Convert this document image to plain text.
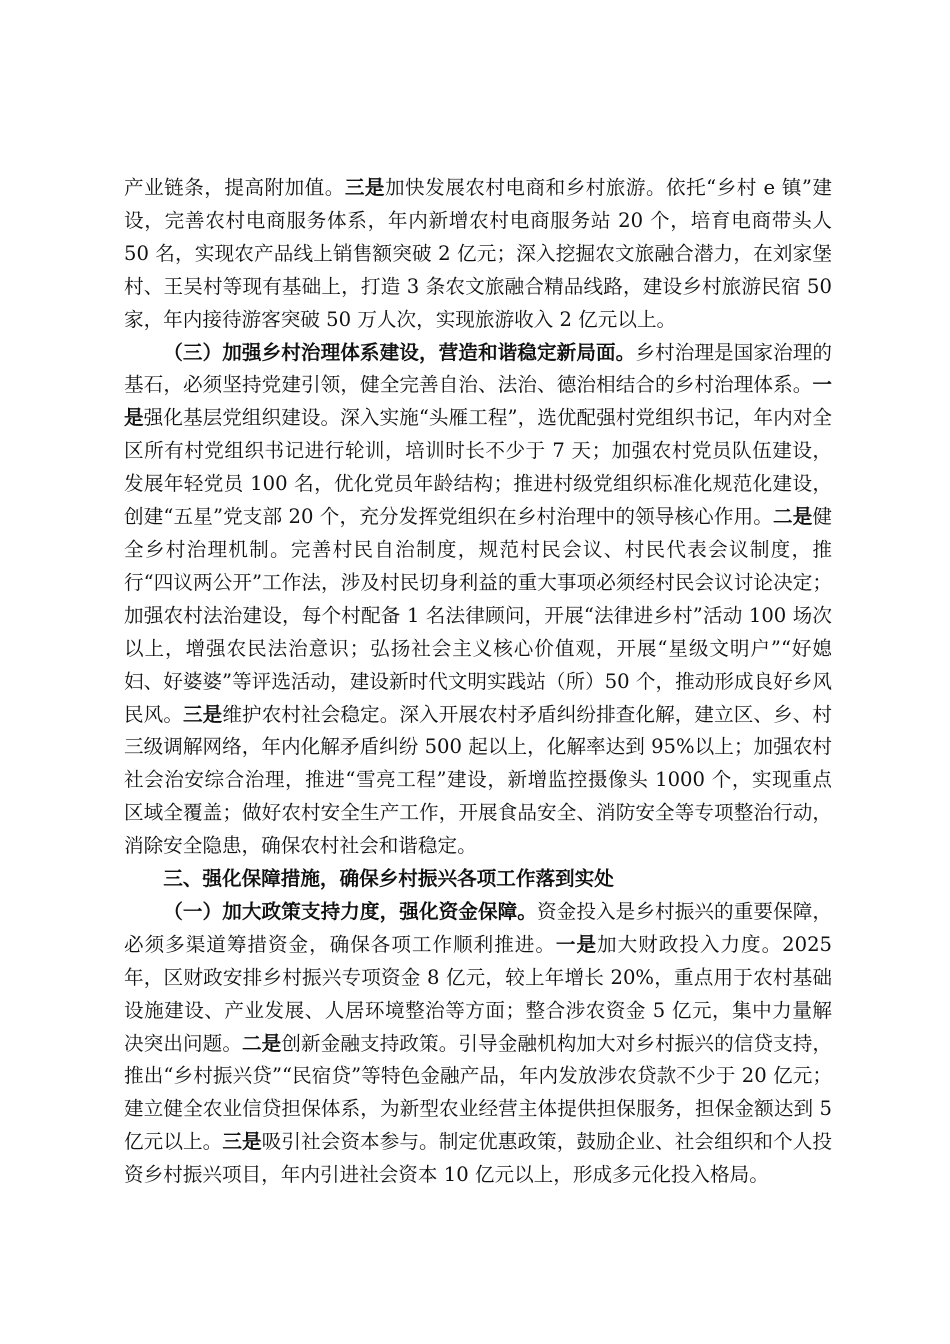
产业链条，提高附加值。三是加快发展农村电商和乡村旅游。依托“乡村 e 镇”建设，完善农村电商服务体系，年内新增农村电商服务站 20 个，培育电商带头人 50 名，实现农产品线上销售额突破 2 亿元；深入挖掘农文旅融合潜力，在刘家堡村、王吴村等现有基础上，打造 3 条农文旅融合精品线路，建设乡村旅游民宿 50 家，年内接待游客突破 50 万人次，实现旅游收入 2 亿元以上。

（三）加强乡村治理体系建设，营造和谐稳定新局面。乡村治理是国家治理的基石，必须坚持党建引领，健全完善自治、法治、德治相结合的乡村治理体系。一是强化基层党组织建设。深入实施“头雁工程”，选优配强村党组织书记，年内对全区所有村党组织书记进行轮训，培训时长不少于 7 天；加强农村党员队伍建设，发展年轻党员 100 名，优化党员年龄结构；推进村级党组织标准化规范化建设，创建“五星”党支部 20 个，充分发挥党组织在乡村治理中的领导核心作用。二是健全乡村治理机制。完善村民自治制度，规范村民会议、村民代表会议制度，推行“四议两公开”工作法，涉及村民切身利益的重大事项必须经村民会议讨论决定；加强农村法治建设，每个村配备 1 名法律顾问，开展“法律进乡村”活动 100 场次以上，增强农民法治意识；弘扬社会主义核心价值观，开展“星级文明户”“好媳妇、好婆婆”等评选活动，建设新时代文明实践站（所）50 个，推动形成良好乡风民风。三是维护农村社会稳定。深入开展农村矛盾纠纷排查化解，建立区、乡、村三级调解网络，年内化解矛盾纠纷 500 起以上，化解率达到 95%以上；加强农村社会治安综合治理，推进“雪亮工程”建设，新增监控摄像头 1000 个，实现重点区域全覆盖；做好农村安全生产工作，开展食品安全、消防安全等专项整治行动，消除安全隐患，确保农村社会和谐稳定。

三、强化保障措施，确保乡村振兴各项工作落到实处

（一）加大政策支持力度，强化资金保障。资金投入是乡村振兴的重要保障，必须多渠道筹措资金，确保各项工作顺利推进。一是加大财政投入力度。2025 年，区财政安排乡村振兴专项资金 8 亿元，较上年增长 20%，重点用于农村基础设施建设、产业发展、人居环境整治等方面；整合涉农资金 5 亿元，集中力量解决突出问题。二是创新金融支持政策。引导金融机构加大对乡村振兴的信贷支持，推出“乡村振兴贷”“民宿贷”等特色金融产品，年内发放涉农贷款不少于 20 亿元；建立健全农业信贷担保体系，为新型农业经营主体提供担保服务，担保金额达到 5 亿元以上。三是吸引社会资本参与。制定优惠政策，鼓励企业、社会组织和个人投资乡村振兴项目，年内引进社会资本 10 亿元以上，形成多元化投入格局。
